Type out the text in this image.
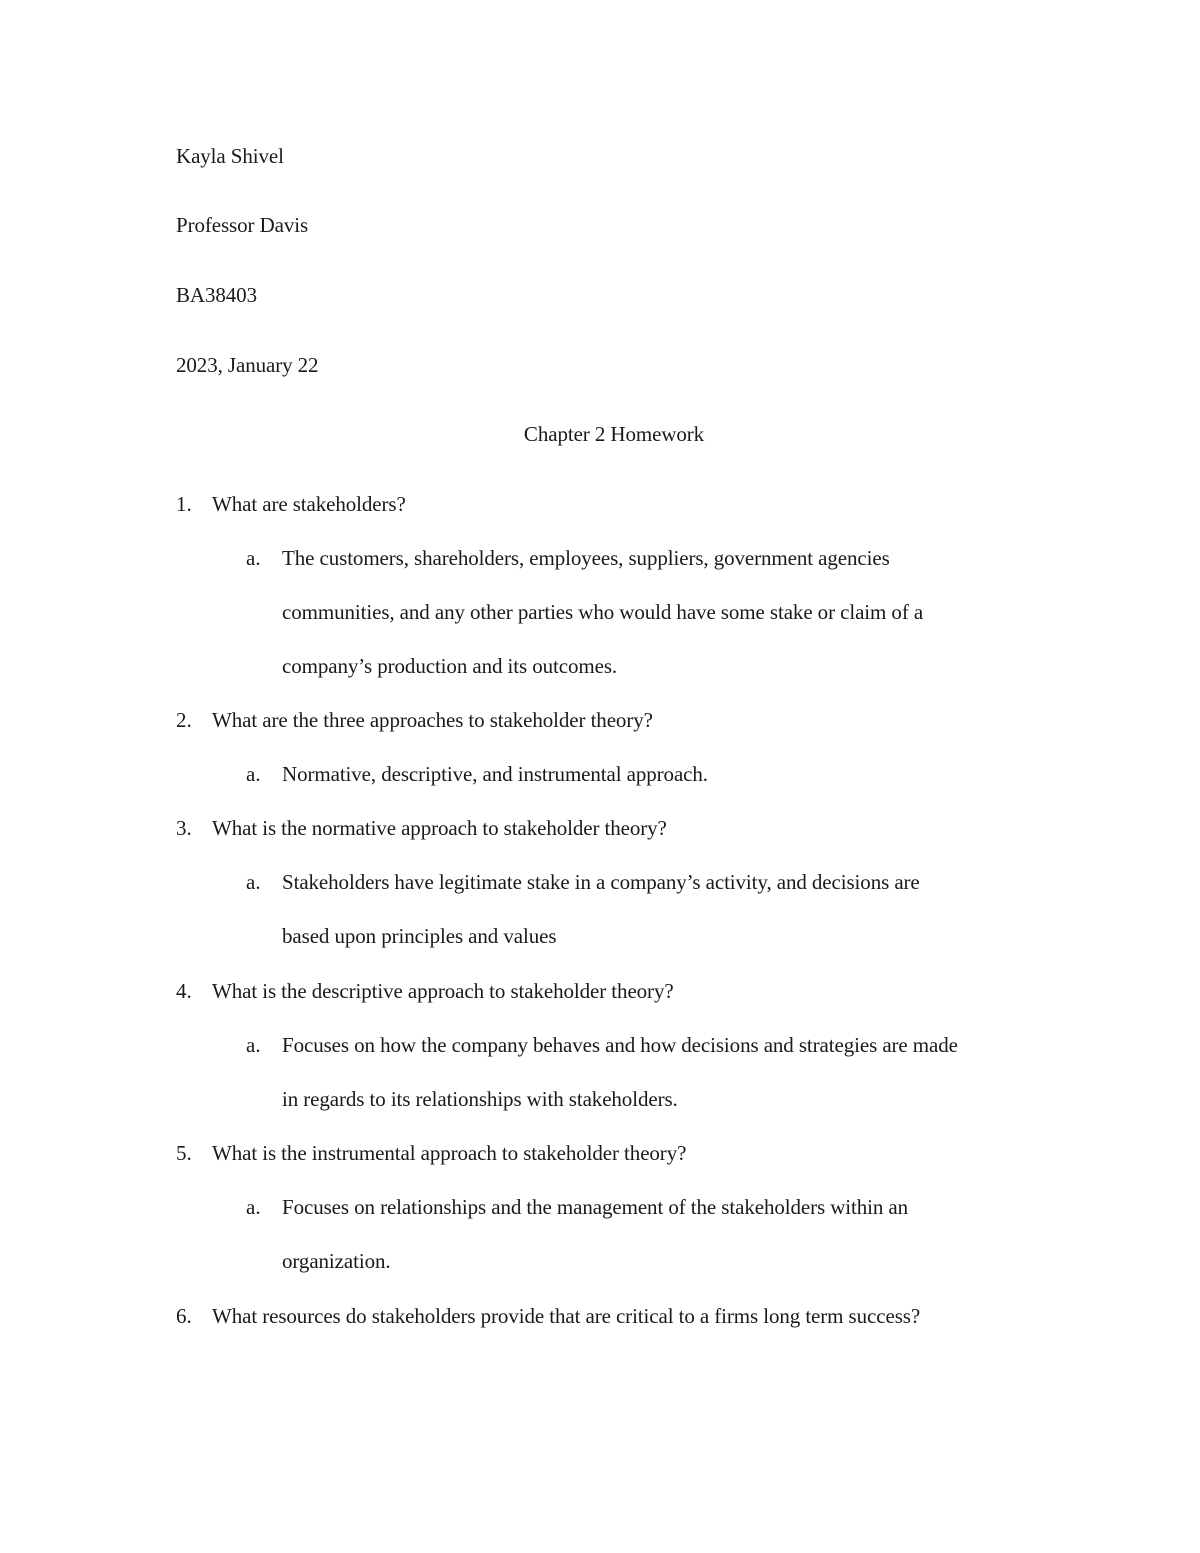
Kayla Shivel
Professor Davis
BA38403
2023, January 22
Chapter 2 Homework
1. What are stakeholders?
a. The customers, shareholders, employees, suppliers, government agencies
communities, and any other parties who would have some stake or claim of a
company’s production and its outcomes.
2. What are the three approaches to stakeholder theory?
a. Normative, descriptive, and instrumental approach.
3. What is the normative approach to stakeholder theory?
a. Stakeholders have legitimate stake in a company’s activity, and decisions are
based upon principles and values
4. What is the descriptive approach to stakeholder theory?
a. Focuses on how the company behaves and how decisions and strategies are made
in regards to its relationships with stakeholders.
5. What is the instrumental approach to stakeholder theory?
a. Focuses on relationships and the management of the stakeholders within an
organization.
6. What resources do stakeholders provide that are critical to a firms long term success?
